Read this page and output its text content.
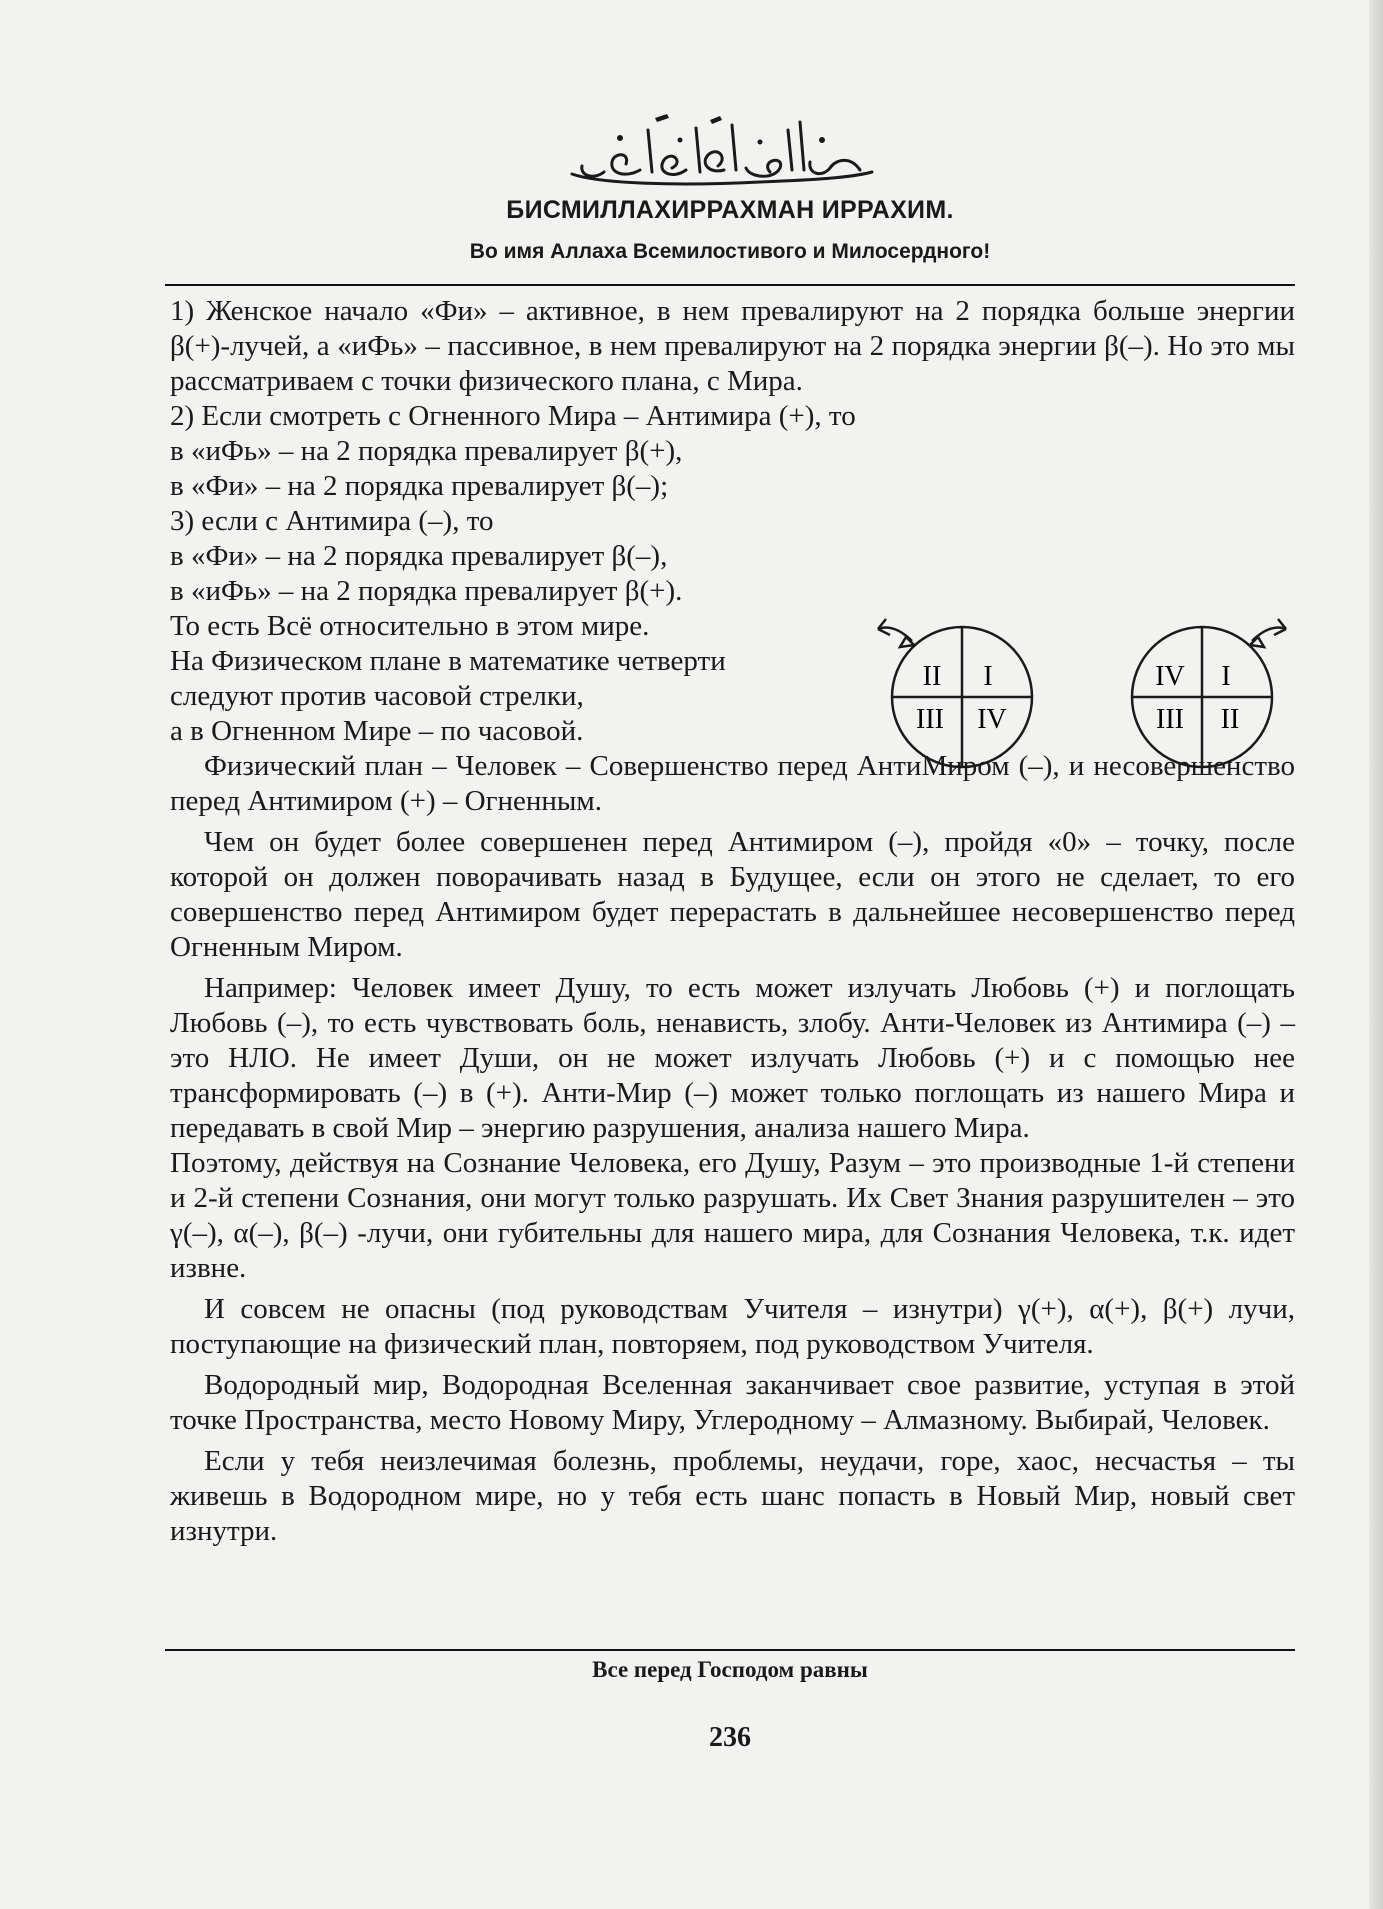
БИСМИЛЛАХИРРАХМАН ИРРАХИМ.
Во имя Аллаха Всемилостивого и Милосердного!

1) Женское начало «Фи» – активное, в нем превалируют на 2 порядка больше энергии β(+)-лучей, а «иФь» – пассивное, в нем превалируют на 2 порядка энергии β(–). Но это мы рассматриваем с точки физического плана, с Мира.

2) Если смотреть с Огненного Мира – Антимира (+), то
в «иФь» – на 2 порядка превалирует β(+),
в «Фи» – на 2 порядка превалирует β(–);
3) если с Антимира (–), то
в «Фи» – на 2 порядка превалирует β(–),
в «иФь» – на 2 порядка превалирует β(+).
То есть Всё относительно в этом мире.
На Физическом плане в математике четверти
следуют против часовой стрелки,
а в Огненном Мире – по часовой.

Физический план – Человек – Совершенство перед АнтиМиром (–), и несовершенство перед Антимиром (+) – Огненным.

Чем он будет более совершенен перед Антимиром (–), пройдя «0» – точку, после которой он должен поворачивать назад в Будущее, если он этого не сделает, то его совершенство перед Антимиром будет перерастать в дальнейшее несовершенство перед Огненным Миром.

Например: Человек имеет Душу, то есть может излучать Любовь (+) и поглощать Любовь (–), то есть чувствовать боль, ненависть, злобу. Анти-Человек из Антимира (–) – это НЛО. Не имеет Души, он не может излучать Любовь (+) и с помощью нее трансформировать (–) в (+). Анти-Мир (–) может только поглощать из нашего Мира и передавать в свой Мир – энергию разрушения, анализа нашего Мира.

Поэтому, действуя на Сознание Человека, его Душу, Разум – это производные 1-й степени и 2-й степени Сознания, они могут только разрушать. Их Свет Знания разрушителен – это γ(–), α(–), β(–) -лучи, они губительны для нашего мира, для Сознания Человека, т.к. идет извне.

И совсем не опасны (под руководствам Учителя – изнутри) γ(+), α(+), β(+) лучи, поступающие на физический план, повторяем, под руководством Учителя.

Водородный мир, Водородная Вселенная заканчивает свое развитие, уступая в этой точке Пространства, место Новому Миру, Углеродному – Алмазному. Выбирай, Человек.

Если у тебя неизлечимая болезнь, проблемы, неудачи, горе, хаос, несчастья – ты живешь в Водородном мире, но у тебя есть шанс попасть в Новый Мир, новый свет изнутри.

II I
III IV
IV I
III II
Все перед Господом равны
236
